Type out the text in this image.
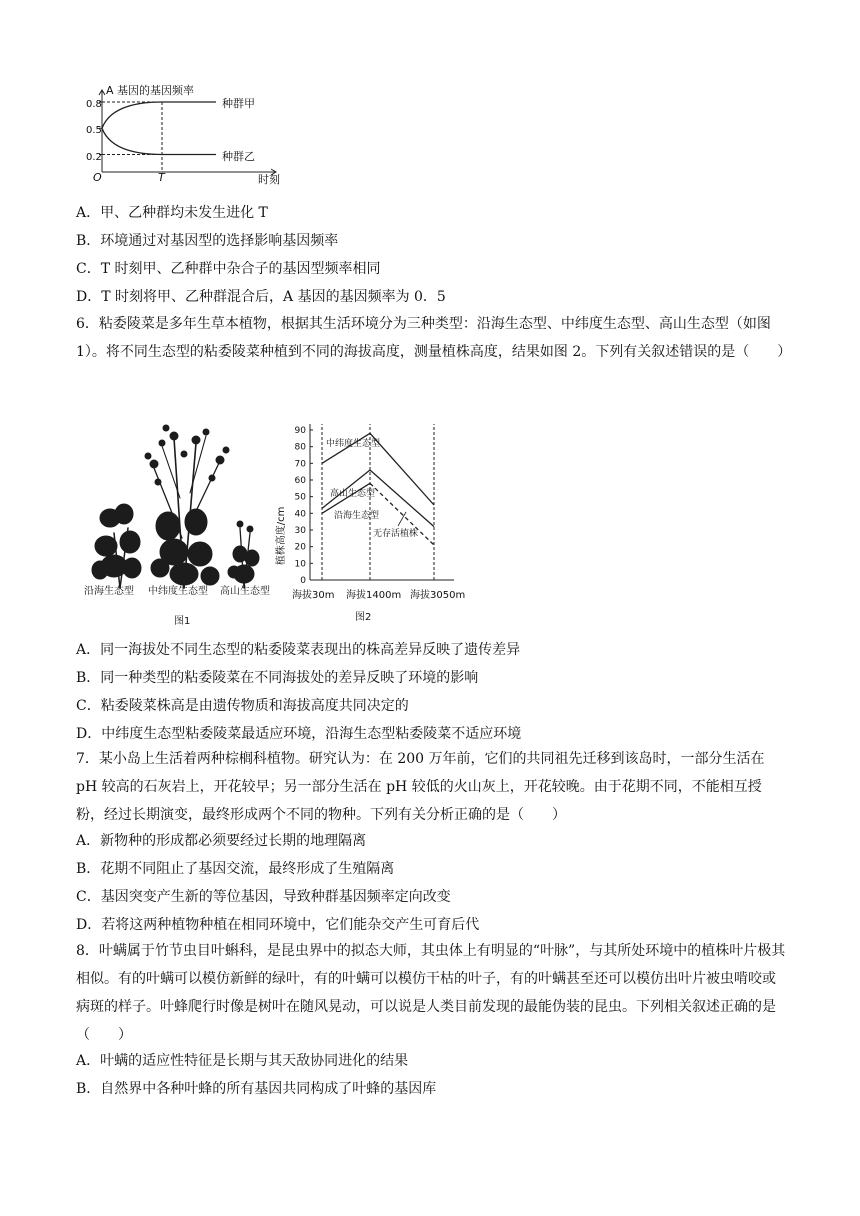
A 基因的基因频率
时刻
O	T
0.8
0.5
0.2
种群甲
种群乙
A．甲、乙种群均未发生进化 T
B．环境通过对基因型的选择影响基因频率
C．T 时刻甲、乙种群中杂合子的基因型频率相同
D．T 时刻将甲、乙种群混合后，A 基因的基因频率为 0．5
6．粘委陵菜是多年生草本植物，根据其生活环境分为三种类型：沿海生态型、中纬度生态型、高山生态型（如图 1）。将不同生态型的粘委陵菜种植到不同的海拔高度，测量植株高度，结果如图 2。下列有关叙述错误的是（　　）
沿海生态型 中纬度生态型 高山生态型
图1
0
10
20
30
40
50
60
70
80
90
植株高度/cm
海拔30m 海拔1400m 海拔3050m
中纬度生态型
高山生态型
沿海生态型
无存活植株
图2
A．同一海拔处不同生态型的粘委陵菜表现出的株高差异反映了遗传差异
B．同一种类型的粘委陵菜在不同海拔处的差异反映了环境的影响
C．粘委陵菜株高是由遗传物质和海拔高度共同决定的
D．中纬度生态型粘委陵菜最适应环境，沿海生态型粘委陵菜不适应环境
7．某小岛上生活着两种棕榈科植物。研究认为：在 200 万年前，它们的共同祖先迁移到该岛时，一部分生活在 pH 较高的石灰岩上，开花较早；另一部分生活在 pH 较低的火山灰上，开花较晚。由于花期不同，不能相互授粉，经过长期演变，最终形成两个不同的物种。下列有关分析正确的是（　　）
A．新物种的形成都必须要经过长期的地理隔离
B．花期不同阻止了基因交流，最终形成了生殖隔离
C．基因突变产生新的等位基因，导致种群基因频率定向改变
D．若将这两种植物种植在相同环境中，它们能杂交产生可育后代
8．叶螨属于竹节虫目叶蝌科，是昆虫界中的拟态大师，其虫体上有明显的“叶脉”，与其所处环境中的植株叶片极其相似。有的叶螨可以模仿新鲜的绿叶，有的叶螨可以模仿干枯的叶子，有的叶螨甚至还可以模仿出叶片被虫啃咬或病斑的样子。叶蜂爬行时像是树叶在随风晃动，可以说是人类目前发现的最能伪装的昆虫。下列相关叙述正确的是（　　）
A．叶螨的适应性特征是长期与其天敌协同进化的结果
B．自然界中各种叶蜂的所有基因共同构成了叶蜂的基因库
